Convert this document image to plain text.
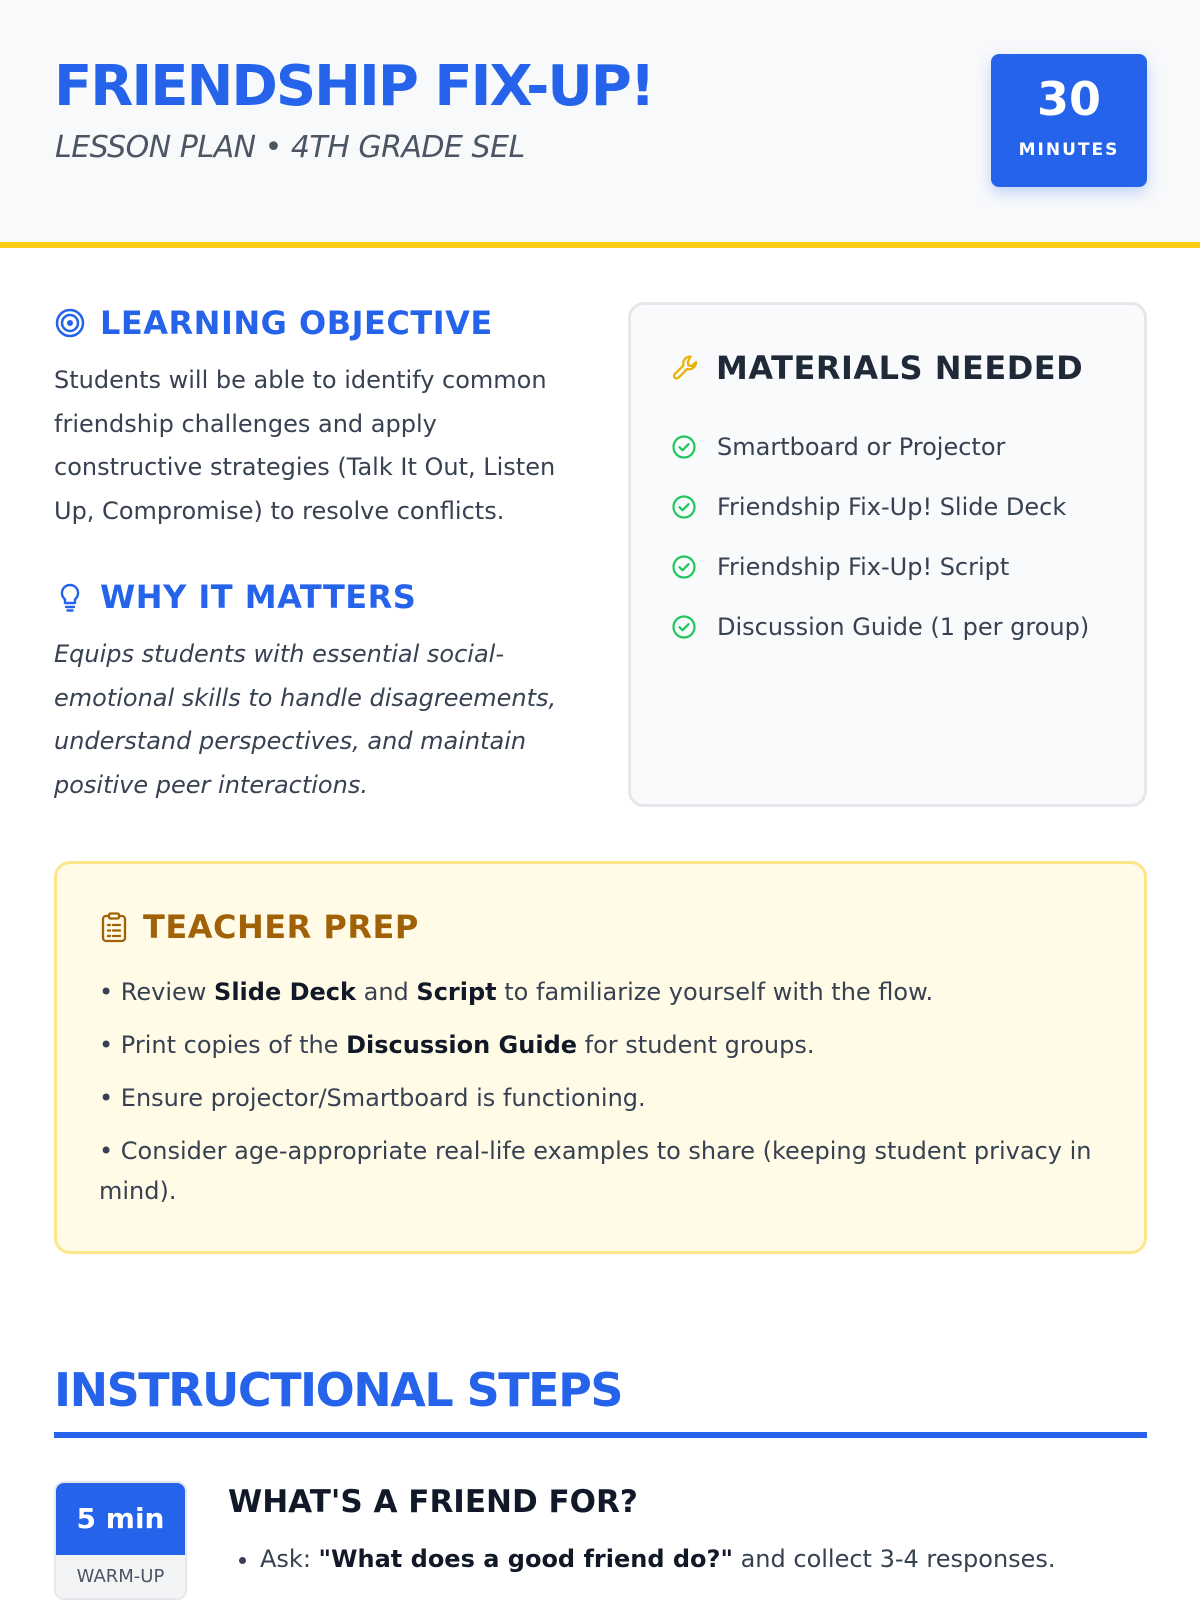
FRIENDSHIP FIX-UP!
LESSON PLAN • 4TH GRADE SEL
30
MINUTES
LEARNING OBJECTIVE

Students will be able to identify common friendship challenges and apply constructive strategies (Talk It Out, Listen Up, Compromise) to resolve conflicts.

WHY IT MATTERS

Equips students with essential social-emotional skills to handle disagreements, understand perspectives, and maintain positive peer interactions.

MATERIALS NEEDED
Smartboard or Projector
Friendship Fix-Up! Slide Deck
Friendship Fix-Up! Script
Discussion Guide (1 per group)
TEACHER PREP
• Review Slide Deck and Script to familiarize yourself with the flow.
• Print copies of the Discussion Guide for student groups.
• Ensure projector/Smartboard is functioning.
• Consider age-appropriate real-life examples to share (keeping student privacy in mind).
INSTRUCTIONAL STEPS
5 min
WARM-UP
WHAT'S A FRIEND FOR?
• Ask: "What does a good friend do?" and collect 3-4 responses.
